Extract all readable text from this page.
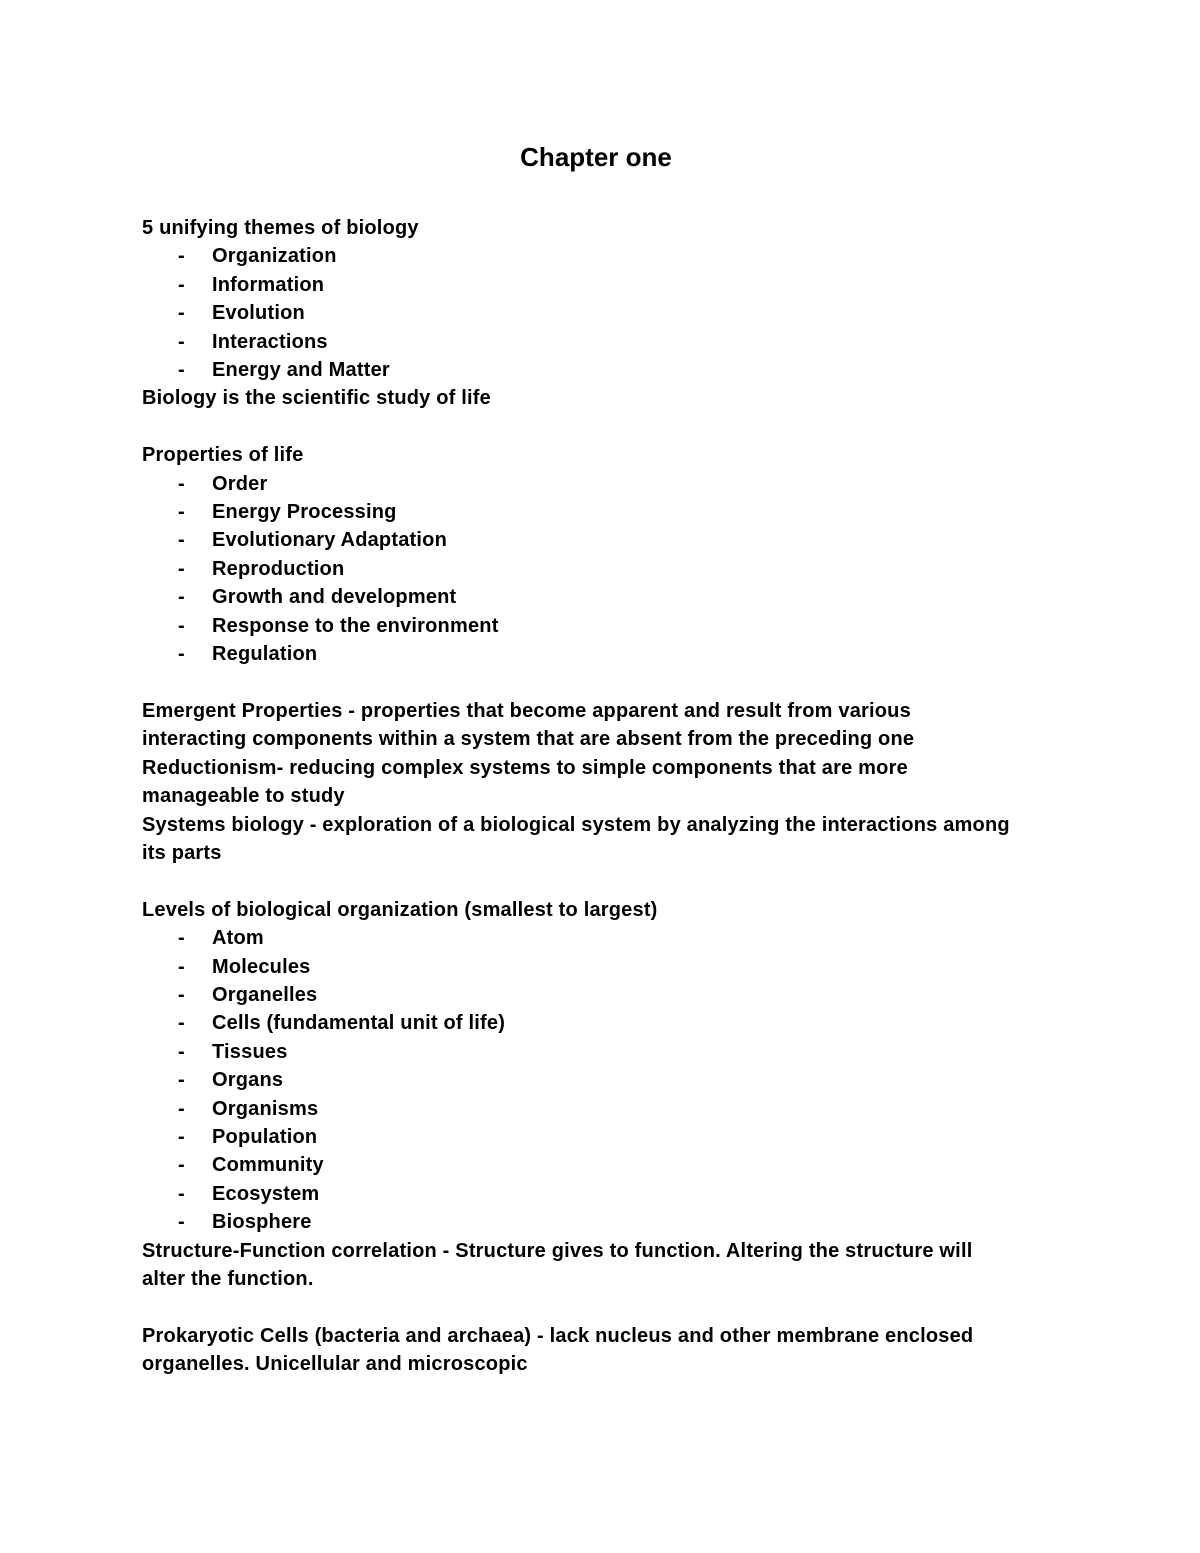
Chapter one

5 unifying themes of biology

- Organization
- Information
- Evolution
- Interactions
- Energy and Matter

Biology is the scientific study of life

Properties of life

- Order
- Energy Processing
- Evolutionary Adaptation
- Reproduction
- Growth and development
- Response to the environment
- Regulation

Emergent Properties - properties that become apparent and result from various

interacting components within a system that are absent from the preceding one

Reductionism- reducing complex systems to simple components that are more

manageable to study

Systems biology - exploration of a biological system by analyzing the interactions among

its parts

Levels of biological organization (smallest to largest)

- Atom
- Molecules
- Organelles
- Cells (fundamental unit of life)
- Tissues
- Organs
- Organisms
- Population
- Community
- Ecosystem
- Biosphere

Structure-Function correlation - Structure gives to function. Altering the structure will

alter the function.

Prokaryotic Cells (bacteria and archaea) - lack nucleus and other membrane enclosed

organelles. Unicellular and microscopic
